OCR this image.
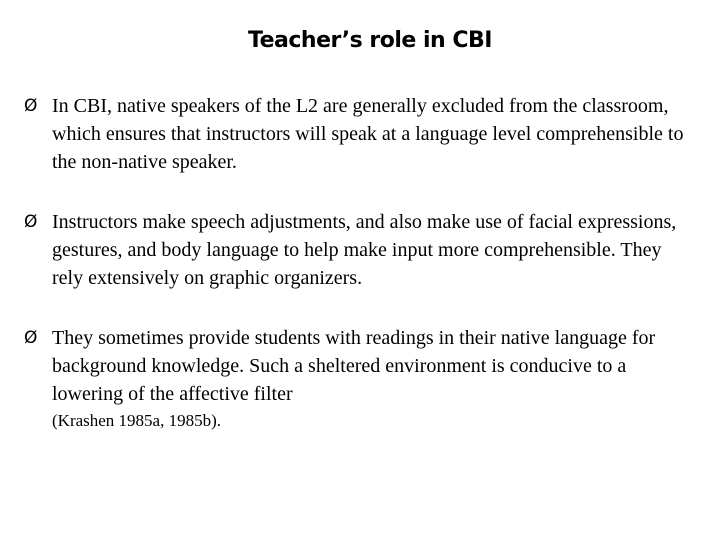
Teacher’s role in CBI
Ø In CBI, native speakers of the L2 are generally excluded from the classroom, which ensures that instructors will speak at a language level comprehensible to the non-native speaker.
Ø Instructors make speech adjustments, and also make use of facial expressions, gestures, and body language to help make input more comprehensible. They rely extensively on graphic organizers.
Ø They sometimes provide students with readings in their native language for background knowledge. Such a sheltered environment is conducive to a lowering of the affective filter
(Krashen 1985a, 1985b).
